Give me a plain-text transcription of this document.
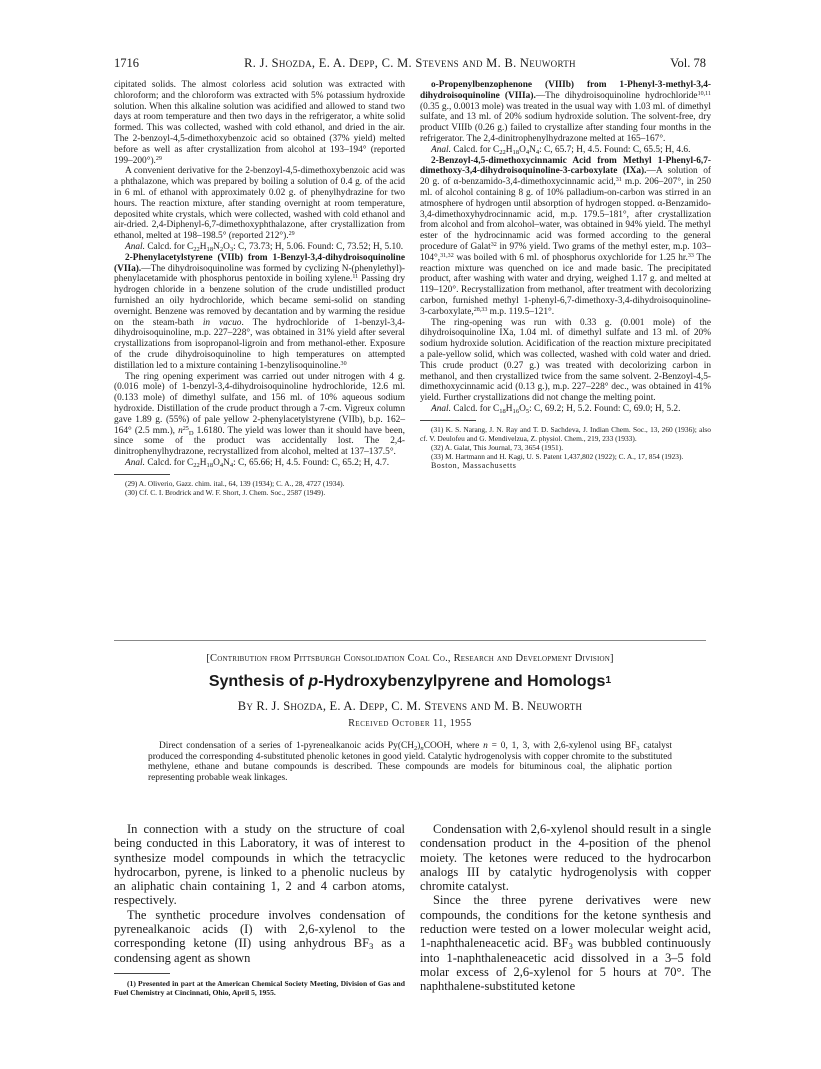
1716	R. J. Shozda, E. A. Depp, C. M. Stevens and M. B. Neuworth	Vol. 78

cipitated solids. The almost colorless acid solution was extracted with chloroform; and the chloroform was extracted with 5% potassium hydroxide solution. When this alkaline solution was acidified and allowed to stand two days at room temperature and then two days in the refrigerator, a white solid formed. This was collected, washed with cold ethanol, and dried in the air. The 2-benzoyl-4,5-dimethoxybenzoic acid so obtained (37% yield) melted before as well as after crystallization from alcohol at 193–194° (reported 199–200°).$^{29}$

A convenient derivative for the 2-benzoyl-4,5-dimethoxybenzoic acid was a phthalazone, which was prepared by boiling a solution of 0.4 g. of the acid in 6 ml. of ethanol with approximately 0.02 g. of phenylhydrazine for two hours. The reaction mixture, after standing overnight at room temperature, deposited white crystals, which were collected, washed with cold ethanol and air-dried. 2,4-Diphenyl-6,7-dimethoxyphthalazone, after crystallization from ethanol, melted at 198–198.5° (reported 212°).$^{29}$

Anal. Calcd. for $C_{22}H_{18}N_2O_3$: C, 73.73; H, 5.06. Found: C, 73.52; H, 5.10.

2-Phenylacetylstyrene (VIIb) from 1-Benzyl-3,4-dihydroisoquinoline (VIIa).—The dihydroisoquinoline was formed by cyclizing N-(phenylethyl)-phenylacetamide with phosphorus pentoxide in boiling xylene.$^{11}$ Passing dry hydrogen chloride in a benzene solution of the crude undistilled product furnished an oily hydrochloride, which became semi-solid on standing overnight. Benzene was removed by decantation and by warming the residue on the steam-bath in vacuo. The hydrochloride of 1-benzyl-3,4-dihydroisoquinoline, m.p. 227–228°, was obtained in 31% yield after several crystallizations from isopropanol-ligroin and from methanol-ether. Exposure of the crude dihydroisoquinoline to high temperatures on attempted distillation led to a mixture containing 1-benzylisoquinoline.$^{30}$

The ring opening experiment was carried out under nitrogen with 4 g. (0.016 mole) of 1-benzyl-3,4-dihydroisoquinoline hydrochloride, 12.6 ml. (0.133 mole) of dimethyl sulfate, and 156 ml. of 10% aqueous sodium hydroxide. Distillation of the crude product through a 7-cm. Vigreux column gave 1.89 g. (55%) of pale yellow 2-phenylacetylstyrene (VIIb), b.p. 162–164° (2.5 mm.), $n^{25}_D$ 1.6180. The yield was lower than it should have been, since some of the product was accidentally lost. The 2,4-dinitrophenylhydrazone, recrystallized from alcohol, melted at 137–137.5°.

Anal. Calcd. for $C_{22}H_{18}O_4N_4$: C, 65.66; H, 4.5. Found: C, 65.2; H, 4.7.

(29) A. Oliverio, Gazz. chim. ital., 64, 139 (1934); C. A., 28, 4727 (1934).

(30) Cf. C. I. Brodrick and W. F. Short, J. Chem. Soc., 2587 (1949).

o-Propenylbenzophenone (VIIIb) from 1-Phenyl-3-methyl-3,4-dihydroisoquinoline (VIIIa).—The dihydroisoquinoline hydrochloride$^{10,11}$ (0.35 g., 0.0013 mole) was treated in the usual way with 1.03 ml. of dimethyl sulfate, and 13 ml. of 20% sodium hydroxide solution. The solvent-free, dry product VIIIb (0.26 g.) failed to crystallize after standing four months in the refrigerator. The 2,4-dinitrophenylhydrazone melted at 165–167°.

Anal. Calcd. for $C_{22}H_{18}O_4N_4$: C, 65.7; H, 4.5. Found: C, 65.5; H, 4.6.

2-Benzoyl-4,5-dimethoxycinnamic Acid from Methyl 1-Phenyl-6,7-dimethoxy-3,4-dihydroisoquinoline-3-carboxylate (IXa).—A solution of 20 g. of α-benzamido-3,4-dimethoxycinnamic acid,$^{31}$ m.p. 206–207°, in 250 ml. of alcohol containing 8 g. of 10% palladium-on-carbon was stirred in an atmosphere of hydrogen until absorption of hydrogen stopped. α-Benzamido-3,4-dimethoxyhydrocinnamic acid, m.p. 179.5–181°, after crystallization from alcohol and from alcohol–water, was obtained in 94% yield. The methyl ester of the hydrocinnamic acid was formed according to the general procedure of Galat$^{32}$ in 97% yield. Two grams of the methyl ester, m.p. 103–104°,$^{31,32}$ was boiled with 6 ml. of phosphorus oxychloride for 1.25 hr.$^{33}$ The reaction mixture was quenched on ice and made basic. The precipitated product, after washing with water and drying, weighed 1.17 g. and melted at 119–120°. Recrystallization from methanol, after treatment with decolorizing carbon, furnished methyl 1-phenyl-6,7-dimethoxy-3,4-dihydroisoquinoline-3-carboxylate,$^{28,33}$ m.p. 119.5–121°.

The ring-opening was run with 0.33 g. (0.001 mole) of the dihydroisoquinoline IXa, 1.04 ml. of dimethyl sulfate and 13 ml. of 20% sodium hydroxide solution. Acidification of the reaction mixture precipitated a pale-yellow solid, which was collected, washed with cold water and dried. This crude product (0.27 g.) was treated with decolorizing carbon in methanol, and then crystallized twice from the same solvent. 2-Benzoyl-4,5-dimethoxycinnamic acid (0.13 g.), m.p. 227–228° dec., was obtained in 41% yield. Further crystallizations did not change the melting point.

Anal. Calcd. for $C_{18}H_{16}O_5$: C, 69.2; H, 5.2. Found: C, 69.0; H, 5.2.

(31) K. S. Narang, J. N. Ray and T. D. Sachdeva, J. Indian Chem. Soc., 13, 260 (1936); also cf. V. Deulofeu and G. Mendivelzua, Z. physiol. Chem., 219, 233 (1933).

(32) A. Galat, This Journal, 73, 3654 (1951).

(33) M. Hartmann and H. Kagi, U. S. Patent 1,437,802 (1922); C. A., 17, 854 (1923).

Boston, Massachusetts

[Contribution from Pittsburgh Consolidation Coal Co., Research and Development Division]
Synthesis of p-Hydroxybenzylpyrene and Homologs$^1$
By R. J. Shozda, E. A. Depp, C. M. Stevens and M. B. Neuworth
Received October 11, 1955
Direct condensation of a series of 1-pyrenealkanoic acids $Py(CH_2)_nCOOH$, where n = 0, 1, 3, with 2,6-xylenol using $BF_3$ catalyst produced the corresponding 4-substituted phenolic ketones in good yield. Catalytic hydrogenolysis with copper chromite to the substituted methylene, ethane and butane compounds is described. These compounds are models for bituminous coal, the aliphatic portion representing probable weak linkages.

In connection with a study on the structure of coal being conducted in this Laboratory, it was of interest to synthesize model compounds in which the tetracyclic hydrocarbon, pyrene, is linked to a phenolic nucleus by an aliphatic chain containing 1, 2 and 4 carbon atoms, respectively.

The synthetic procedure involves condensation of pyrenealkanoic acids (I) with 2,6-xylenol to the corresponding ketone (II) using anhydrous $BF_3$ as a condensing agent as shown

(1) Presented in part at the American Chemical Society Meeting, Division of Gas and Fuel Chemistry at Cincinnati, Ohio, April 5, 1955.

Condensation with 2,6-xylenol should result in a single condensation product in the 4-position of the phenol moiety. The ketones were reduced to the hydrocarbon analogs III by catalytic hydrogenolysis with copper chromite catalyst.

Since the three pyrene derivatives were new compounds, the conditions for the ketone synthesis and reduction were tested on a lower molecular weight acid, 1-naphthaleneacetic acid. $BF_3$ was bubbled continuously into 1-naphthaleneacetic acid dissolved in a 3–5 fold molar excess of 2,6-xylenol for 5 hours at 70°. The naphthalene-substituted ketone
